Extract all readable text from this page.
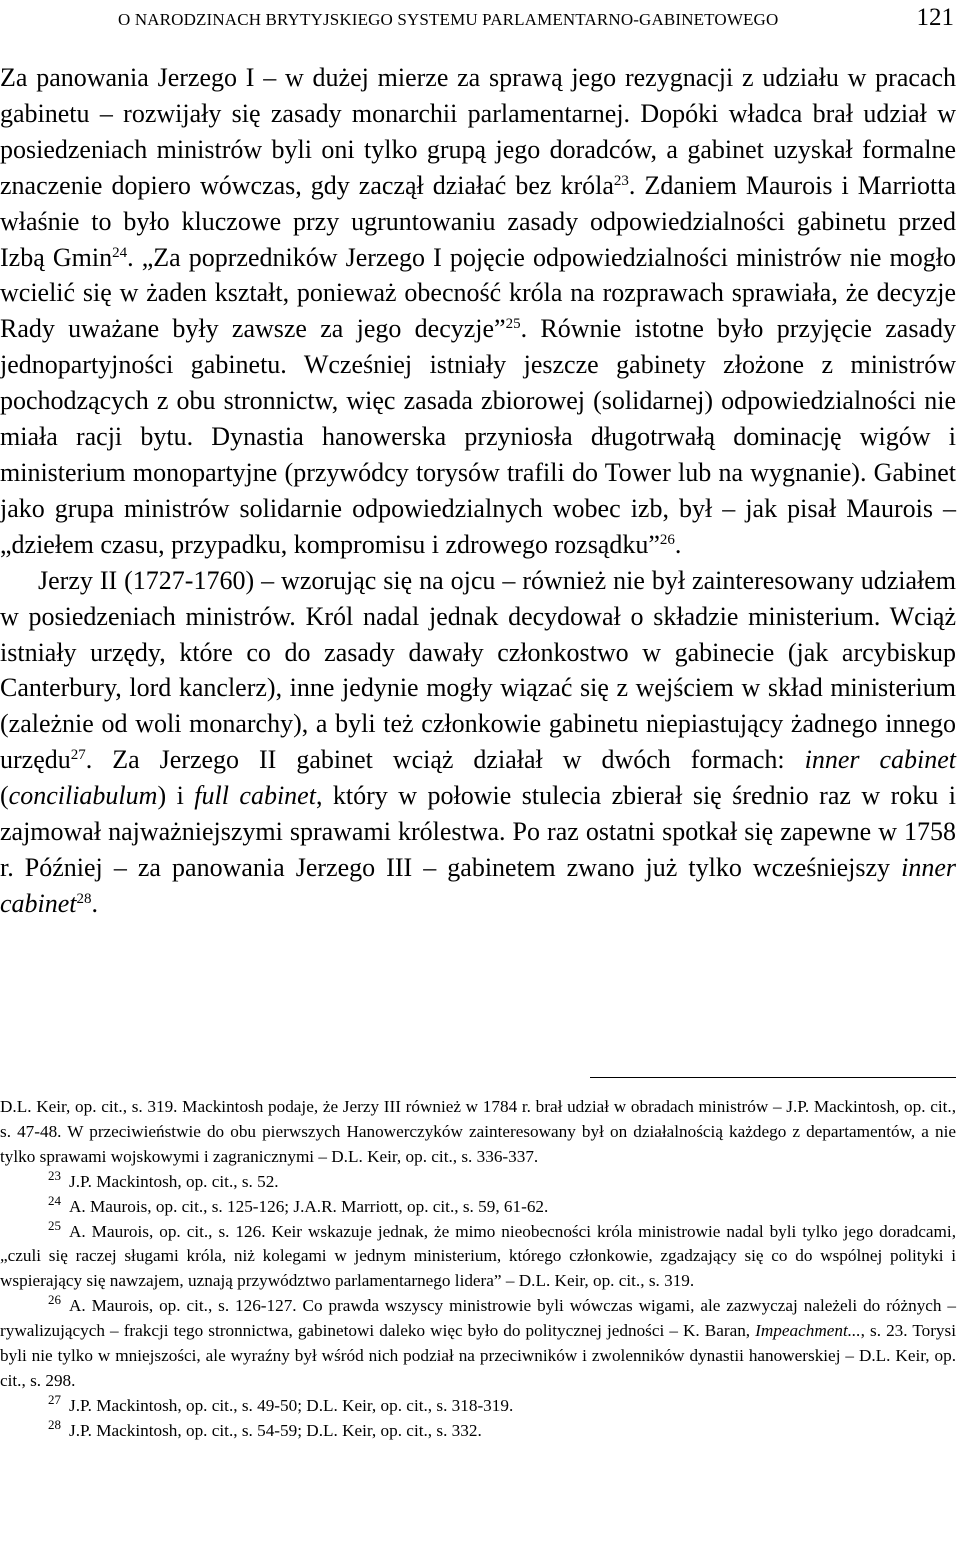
O NARODZINACH BRYTYJSKIEGO SYSTEMU PARLAMENTARNO-GABINETOWEGO	121

Za panowania Jerzego I – w dużej mierze za sprawą jego rezygnacji z udziału w pracach gabinetu – rozwijały się zasady monarchii parlamentarnej. Dopóki władca brał udział w posiedzeniach ministrów byli oni tylko grupą jego doradców, a gabinet uzyskał formalne znaczenie dopiero wówczas, gdy zaczął działać bez króla$^{23}$. Zdaniem Maurois i Marriotta właśnie to było kluczowe przy ugruntowaniu zasady odpowiedzialności gabinetu przed Izbą Gmin$^{24}$. „Za poprzedników Jerzego I pojęcie odpowiedzialności ministrów nie mogło wcielić się w żaden kształt, ponieważ obecność króla na rozprawach sprawiała, że decyzje Rady uważane były zawsze za jego decyzje”$^{25}$. Równie istotne było przyjęcie zasady jednopartyjności gabinetu. Wcześniej istniały jeszcze gabinety złożone z ministrów pochodzących z obu stronnictw, więc zasada zbiorowej (solidarnej) odpowiedzialności nie miała racji bytu. Dynastia hanowerska przyniosła długotrwałą dominację wigów i ministerium monopartyjne (przywódcy torysów trafili do Tower lub na wygnanie). Gabinet jako grupa ministrów solidarnie odpowiedzialnych wobec izb, był – jak pisał Maurois – „dziełem czasu, przypadku, kompromisu i zdrowego rozsądku”$^{26}$.

Jerzy II (1727-1760) – wzorując się na ojcu – również nie był zainteresowany udziałem w posiedzeniach ministrów. Król nadal jednak decydował o składzie ministerium. Wciąż istniały urzędy, które co do zasady dawały członkostwo w gabinecie (jak arcybiskup Canterbury, lord kanclerz), inne jedynie mogły wiązać się z wejściem w skład ministerium (zależnie od woli monarchy), a byli też członkowie gabinetu niepiastujący żadnego innego urzędu$^{27}$. Za Jerzego II gabinet wciąż działał w dwóch formach: inner cabinet (conciliabulum) i full cabinet, który w połowie stulecia zbierał się średnio raz w roku i zajmował najważniejszymi sprawami królestwa. Po raz ostatni spotkał się zapewne w 1758 r. Później – za panowania Jerzego III – gabinetem zwano już tylko wcześniejszy inner cabinet$^{28}$.

D.L. Keir, op. cit., s. 319. Mackintosh podaje, że Jerzy III również w 1784 r. brał udział w obradach ministrów – J.P. Mackintosh, op. cit., s. 47-48. W przeciwieństwie do obu pierwszych Hanowerczyków zainteresowany był on działalnością każdego z departamentów, a nie tylko sprawami wojskowymi i zagranicznymi – D.L. Keir, op. cit., s. 336-337.
$^{23}$ J.P. Mackintosh, op. cit., s. 52.
$^{24}$ A. Maurois, op. cit., s. 125-126; J.A.R. Marriott, op. cit., s. 59, 61-62.
$^{25}$ A. Maurois, op. cit., s. 126. Keir wskazuje jednak, że mimo nieobecności króla ministrowie nadal byli tylko jego doradcami, „czuli się raczej sługami króla, niż kolegami w jednym ministerium, którego członkowie, zgadzający się co do wspólnej polityki i wspierający się nawzajem, uznają przywództwo parlamentarnego lidera” – D.L. Keir, op. cit., s. 319.
$^{26}$ A. Maurois, op. cit., s. 126-127. Co prawda wszyscy ministrowie byli wówczas wigami, ale zazwyczaj należeli do różnych – rywalizujących – frakcji tego stronnictwa, gabinetowi daleko więc było do politycznej jedności – K. Baran, Impeachment..., s. 23. Torysi byli nie tylko w mniejszości, ale wyraźny był wśród nich podział na przeciwników i zwolenników dynastii hanowerskiej – D.L. Keir, op. cit., s. 298.
$^{27}$ J.P. Mackintosh, op. cit., s. 49-50; D.L. Keir, op. cit., s. 318-319.
$^{28}$ J.P. Mackintosh, op. cit., s. 54-59; D.L. Keir, op. cit., s. 332.
